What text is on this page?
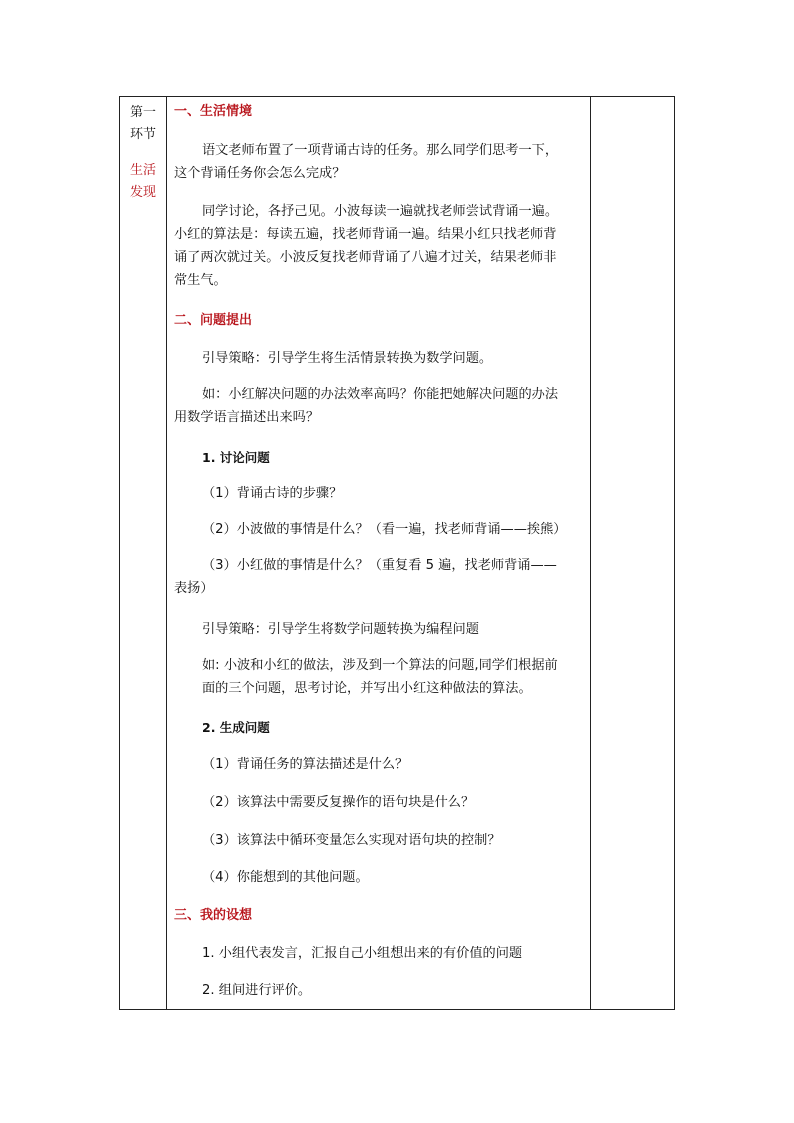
第一
环节
生活
发现
一、生活情境

语文老师布置了一项背诵古诗的任务。那么同学们思考一下，

这个背诵任务你会怎么完成？

同学讨论，各抒己见。小波每读一遍就找老师尝试背诵一遍。

小红的算法是：每读五遍，找老师背诵一遍。结果小红只找老师背

诵了两次就过关。小波反复找老师背诵了八遍才过关，结果老师非

常生气。

二、问题提出

引导策略：引导学生将生活情景转换为数学问题。

如：小红解决问题的办法效率高吗？你能把她解决问题的办法

用数学语言描述出来吗？

1. 讨论问题

（1）背诵古诗的步骤？

（2）小波做的事情是什么？（看一遍，找老师背诵——挨熊）

（3）小红做的事情是什么？（重复看 5 遍，找老师背诵——

表扬）

引导策略：引导学生将数学问题转换为编程问题

如: 小波和小红的做法，涉及到一个算法的问题,同学们根据前

面的三个问题，思考讨论，并写出小红这种做法的算法。

2. 生成问题

（1）背诵任务的算法描述是什么？

（2）该算法中需要反复操作的语句块是什么？

（3）该算法中循环变量怎么实现对语句块的控制？

（4）你能想到的其他问题。

三、我的设想

1. 小组代表发言，汇报自己小组想出来的有价值的问题

2. 组间进行评价。
